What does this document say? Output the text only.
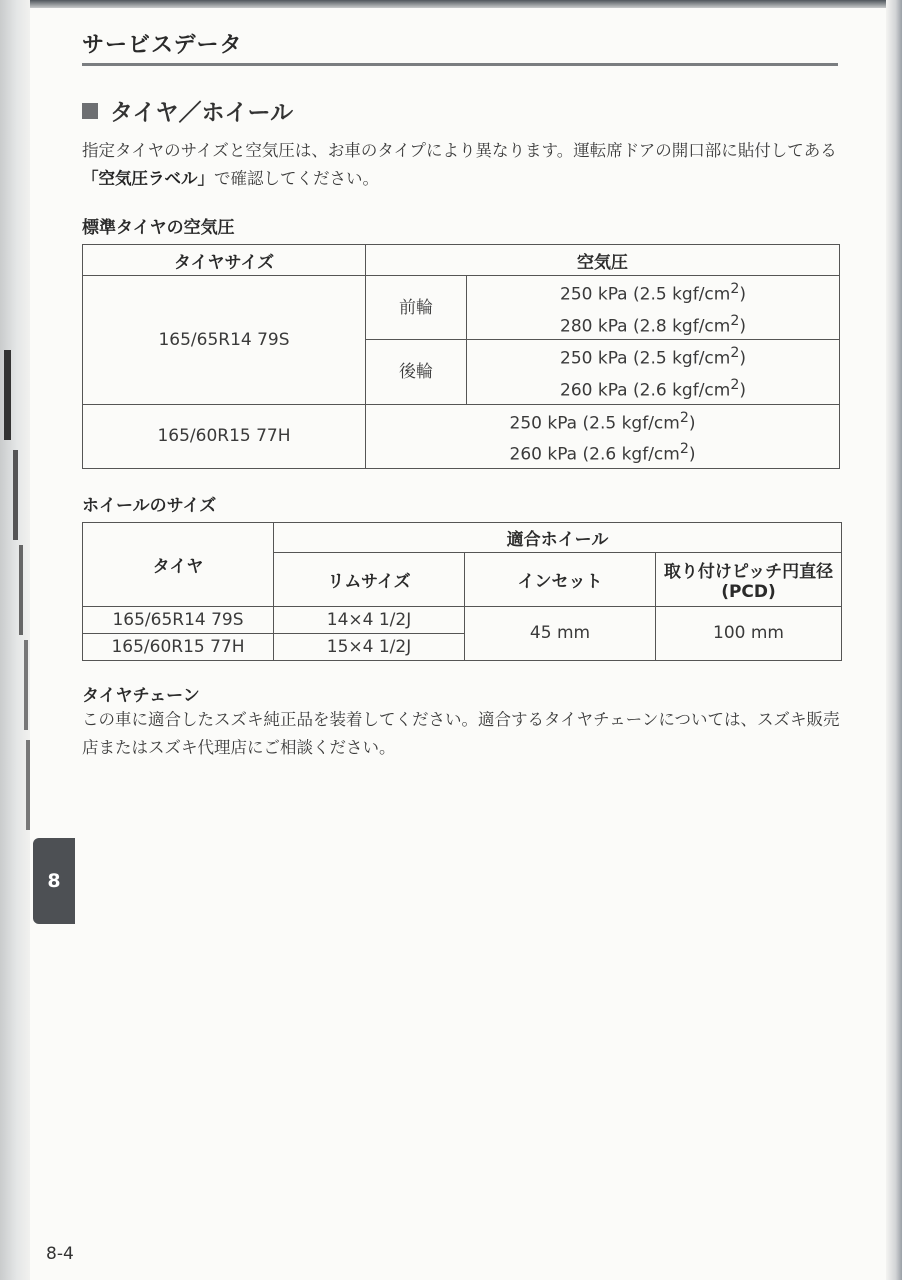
サービスデータ
タイヤ／ホイール
指定タイヤのサイズと空気圧は、お車のタイプにより異なります。運転席ドアの開口部に貼付してある「空気圧ラベル」で確認してください。
標準タイヤの空気圧
タイヤサイズ	空気圧	
165/65R14 79S	前輪	250 kPa (2.5 kgf/$cm^2$)
280 kPa (2.8 kgf/$cm^2$)

	後輪	250 kPa (2.5 kgf/$cm^2$)
260 kPa (2.6 kgf/$cm^2$)

165/60R15 77H	250 kPa (2.5 kgf/$cm^2$)
260 kPa (2.6 kgf/$cm^2$)	
ホイールのサイズ
タイヤ	適合ホイール		
	リムサイズ	インセット	取り付けピッチ円直径
(PCD)

165/65R14 79S	14×4 1/2J	45 mm	100 mm
165/60R15 77H	15×4 1/2J		
タイヤチェーン
この車に適合したスズキ純正品を装着してください。適合するタイヤチェーンについては、スズキ販売店またはスズキ代理店にご相談ください。
8
8-4
